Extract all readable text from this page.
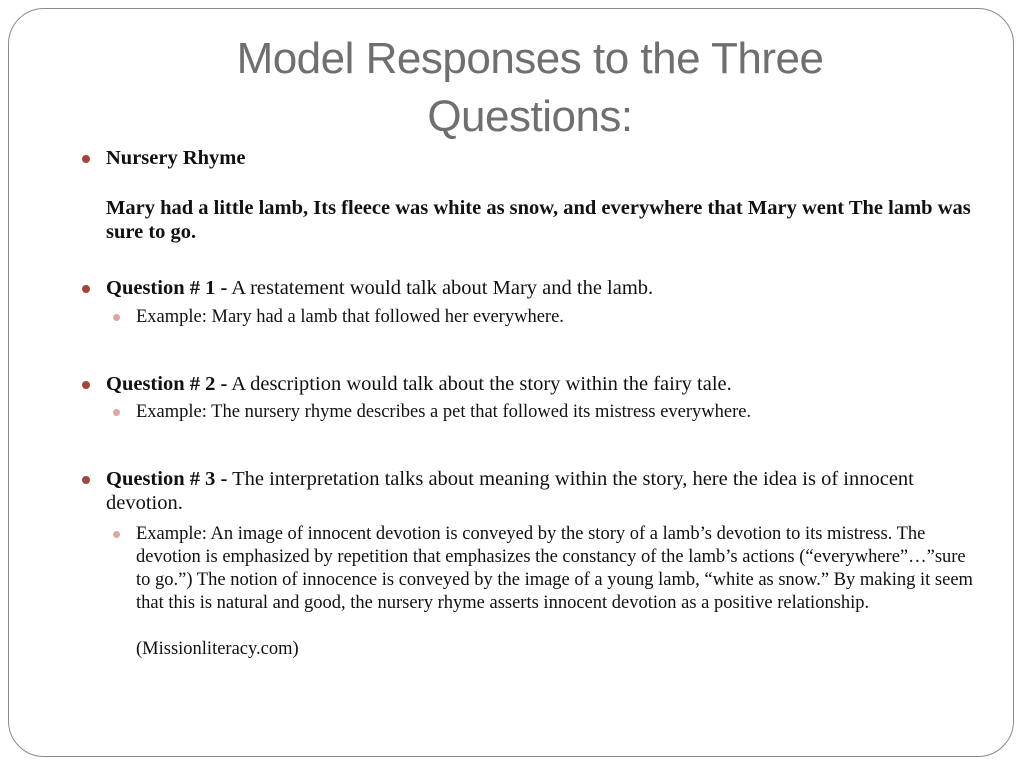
Model Responses to the Three Questions:
Nursery Rhyme
Mary had a little lamb, Its fleece was white as snow, and everywhere that Mary went The lamb was sure to go.
Question # 1 - A restatement would talk about Mary and the lamb.
Example: Mary had a lamb that followed her everywhere.
Question # 2 - A description would talk about the story within the fairy tale.
Example: The nursery rhyme describes a pet that followed its mistress everywhere.
Question # 3 - The interpretation talks about meaning within the story, here the idea is of innocent devotion.
Example: An image of innocent devotion is conveyed by the story of a lamb’s devotion to its mistress. The devotion is emphasized by repetition that emphasizes the constancy of the lamb’s actions (“everywhere”…”sure to go.”) The notion of innocence is conveyed by the image of a young lamb, “white as snow.” By making it seem that this is natural and good, the nursery rhyme asserts innocent devotion as a positive relationship.
(Missionliteracy.com)
